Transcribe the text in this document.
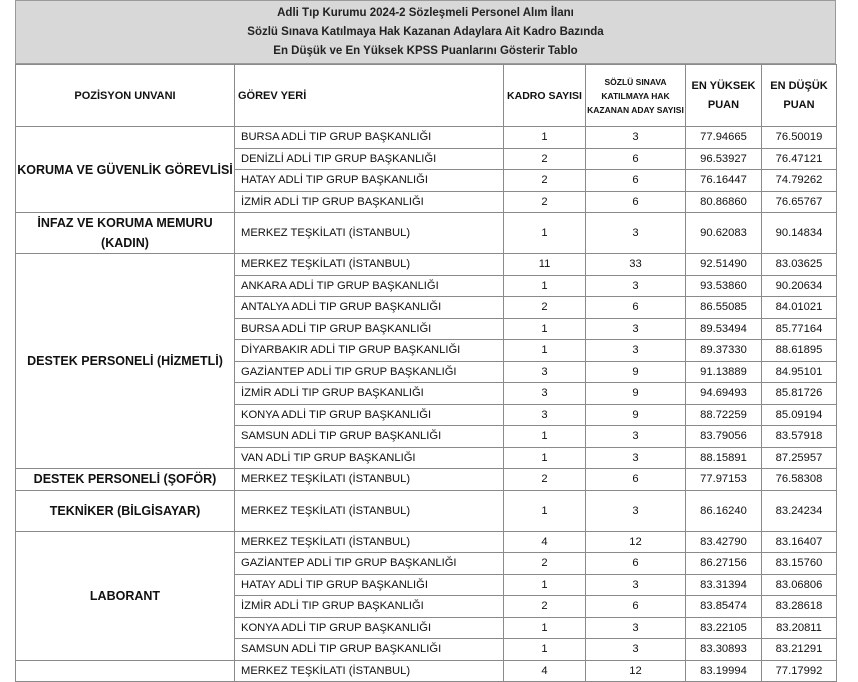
Adli Tıp Kurumu 2024-2 Sözleşmeli Personel Alım İlanı
Sözlü Sınava Katılmaya Hak Kazanan Adaylara Ait Kadro Bazında
En Düşük ve En Yüksek KPSS Puanlarını Gösterir Tablo
POZİSYON UNVANI	GÖREV YERİ	KADRO SAYISI	SÖZLÜ SINAVA KATILMAYA HAK KAZANAN ADAY SAYISI	EN YÜKSEK PUAN	EN DÜŞÜK PUAN
KORUMA VE GÜVENLİK GÖREVLİSİ	BURSA ADLİ TIP GRUP BAŞKANLIĞI	1	3	77.94665	76.50019
	DENİZLİ ADLİ TIP GRUP BAŞKANLIĞI	2	6	96.53927	76.47121
	HATAY ADLİ TIP GRUP BAŞKANLIĞI	2	6	76.16447	74.79262
	İZMİR ADLİ TIP GRUP BAŞKANLIĞI	2	6	80.86860	76.65767
İNFAZ VE KORUMA MEMURU (KADIN)	MERKEZ TEŞKİLATI (İSTANBUL)	1	3	90.62083	90.14834
DESTEK PERSONELİ (HİZMETLİ)	MERKEZ TEŞKİLATI (İSTANBUL)	11	33	92.51490	83.03625
	ANKARA ADLİ TIP GRUP BAŞKANLIĞI	1	3	93.53860	90.20634
	ANTALYA ADLİ TIP GRUP BAŞKANLIĞI	2	6	86.55085	84.01021
	BURSA ADLİ TIP GRUP BAŞKANLIĞI	1	3	89.53494	85.77164
	DİYARBAKIR ADLİ TIP GRUP BAŞKANLIĞI	1	3	89.37330	88.61895
	GAZİANTEP ADLİ TIP GRUP BAŞKANLIĞI	3	9	91.13889	84.95101
	İZMİR ADLİ TIP GRUP BAŞKANLIĞI	3	9	94.69493	85.81726
	KONYA ADLİ TIP GRUP BAŞKANLIĞI	3	9	88.72259	85.09194
	SAMSUN ADLİ TIP GRUP BAŞKANLIĞI	1	3	83.79056	83.57918
	VAN ADLİ TIP GRUP BAŞKANLIĞI	1	3	88.15891	87.25957
DESTEK PERSONELİ (ŞOFÖR)	MERKEZ TEŞKİLATI (İSTANBUL)	2	6	77.97153	76.58308
TEKNİKER (BİLGİSAYAR)	MERKEZ TEŞKİLATI (İSTANBUL)	1	3	86.16240	83.24234
LABORANT	MERKEZ TEŞKİLATI (İSTANBUL)	4	12	83.42790	83.16407
	GAZİANTEP ADLİ TIP GRUP BAŞKANLIĞI	2	6	86.27156	83.15760
	HATAY ADLİ TIP GRUP BAŞKANLIĞI	1	3	83.31394	83.06806
	İZMİR ADLİ TIP GRUP BAŞKANLIĞI	2	6	83.85474	83.28618
	KONYA ADLİ TIP GRUP BAŞKANLIĞI	1	3	83.22105	83.20811
	SAMSUN ADLİ TIP GRUP BAŞKANLIĞI	1	3	83.30893	83.21291
	MERKEZ TEŞKİLATI (İSTANBUL)	4	12	83.19994	77.17992
